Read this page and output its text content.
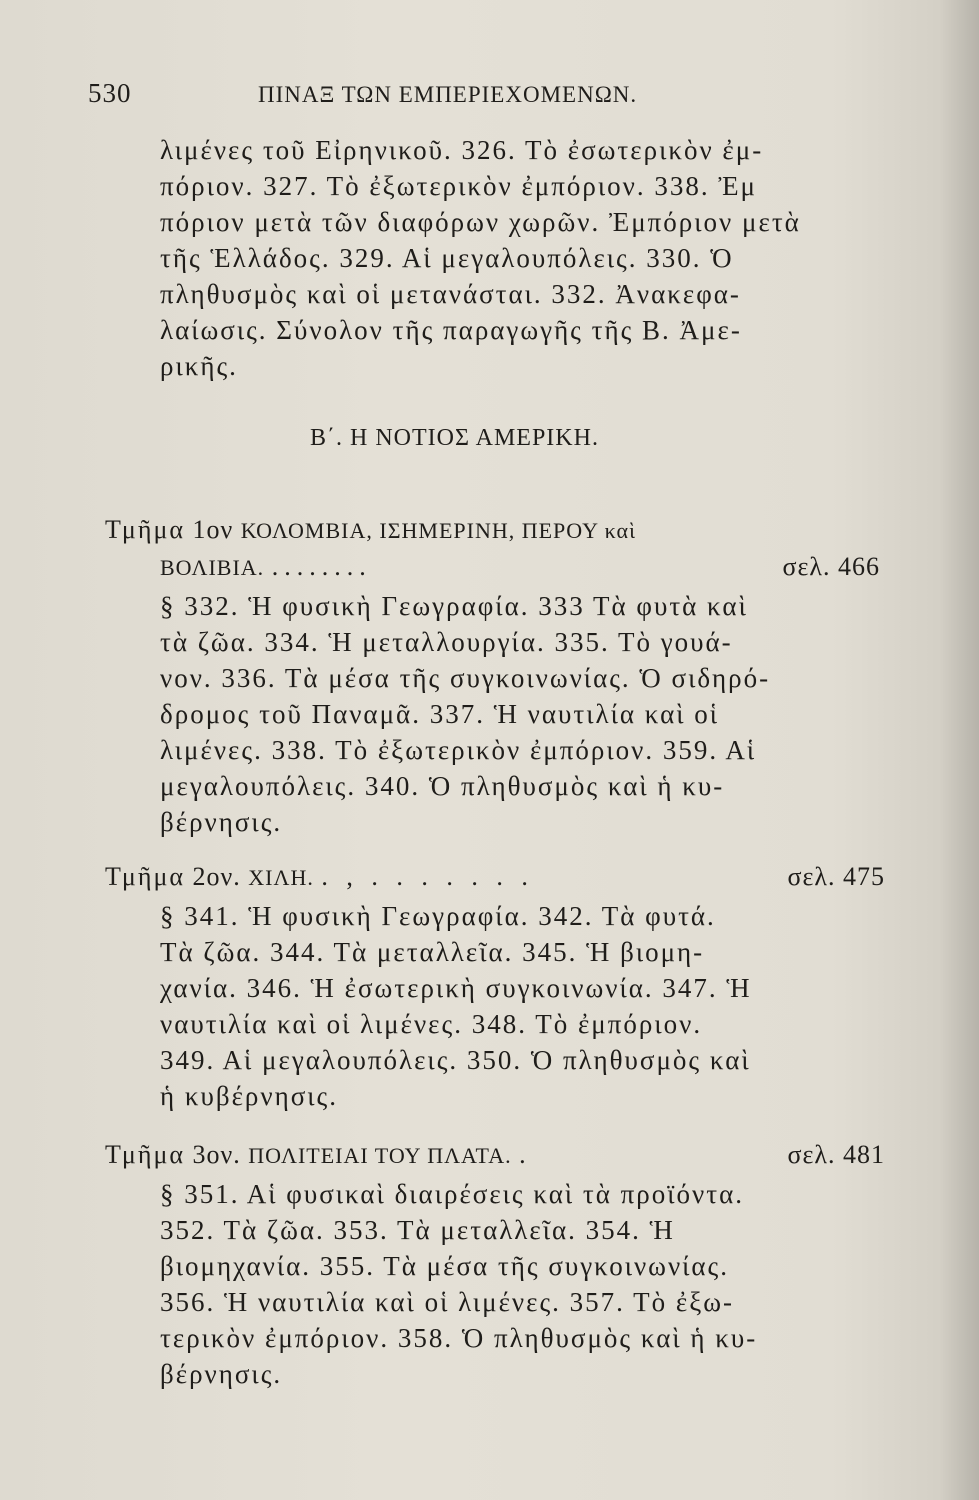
530	ΠΙΝΑΞ ΤΩΝ ΕΜΠΕΡΙΕΧΟΜΕΝΩΝ.
λιμένες τοῦ Εἰρηνικοῦ. 326. Τὸ ἐσωτερικὸν ἐμ-
πόριον. 327. Τὸ ἐξωτερικὸν ἐμπόριον. 338. Ἐμ
πόριον μετὰ τῶν διαφόρων χωρῶν. Ἐμπόριον μετὰ
τῆς Ἑλλάδος. 329. Αἱ μεγαλουπόλεις. 330. Ὁ
πληθυσμὸς καὶ οἱ μετανάσται. 332. Ἀνακεφα-
λαίωσις. Σύνολον τῆς παραγωγῆς τῆς Β. Ἀμε-
ρικῆς.
Β΄. Η ΝΟΤΙΟΣ ΑΜΕΡΙΚΗ.
Τμῆμα 1ον ΚΟΛΟΜΒΙΑ, ΙΣΗΜΕΡΙΝΗ, ΠΕΡΟΥ καὶ
ΒΟΛΙΒΙΑ. ........	σελ. 466
§ 332. Ἡ φυσικὴ Γεωγραφία. 333 Τὰ φυτὰ καὶ
τὰ ζῶα. 334. Ἡ μεταλλουργία. 335. Τὸ γουά-
νον. 336. Τὰ μέσα τῆς συγκοινωνίας. Ὁ σιδηρό-
δρομος τοῦ Παναμᾶ. 337. Ἡ ναυτιλία καὶ οἱ
λιμένες. 338. Τὸ ἐξωτερικὸν ἐμπόριον. 359. Αἱ
μεγαλουπόλεις. 340. Ὁ πληθυσμὸς καὶ ἡ κυ-
βέρνησις.
Τμῆμα 2ον. ΧΙΛΗ. . , . . . . . . .	σελ. 475
§ 341. Ἡ φυσικὴ Γεωγραφία. 342. Τὰ φυτά.
Τὰ ζῶα. 344. Τὰ μεταλλεῖα. 345. Ἡ βιομη-
χανία. 346. Ἡ ἐσωτερικὴ συγκοινωνία. 347. Ἡ
ναυτιλία καὶ οἱ λιμένες. 348. Τὸ ἐμπόριον.
349. Αἱ μεγαλουπόλεις. 350. Ὁ πληθυσμὸς καὶ
ἡ κυβέρνησις.
Τμῆμα 3ον. ΠΟΛΙΤΕΙΑΙ ΤΟΥ ΠΛΑΤΑ. .	σελ. 481
§ 351. Αἱ φυσικαὶ διαιρέσεις καὶ τὰ προϊόντα.
352. Τὰ ζῶα. 353. Τὰ μεταλλεῖα. 354. Ἡ
βιομηχανία. 355. Τὰ μέσα τῆς συγκοινωνίας.
356. Ἡ ναυτιλία καὶ οἱ λιμένες. 357. Τὸ ἐξω-
τερικὸν ἐμπόριον. 358. Ὁ πληθυσμὸς καὶ ἡ κυ-
βέρνησις.
